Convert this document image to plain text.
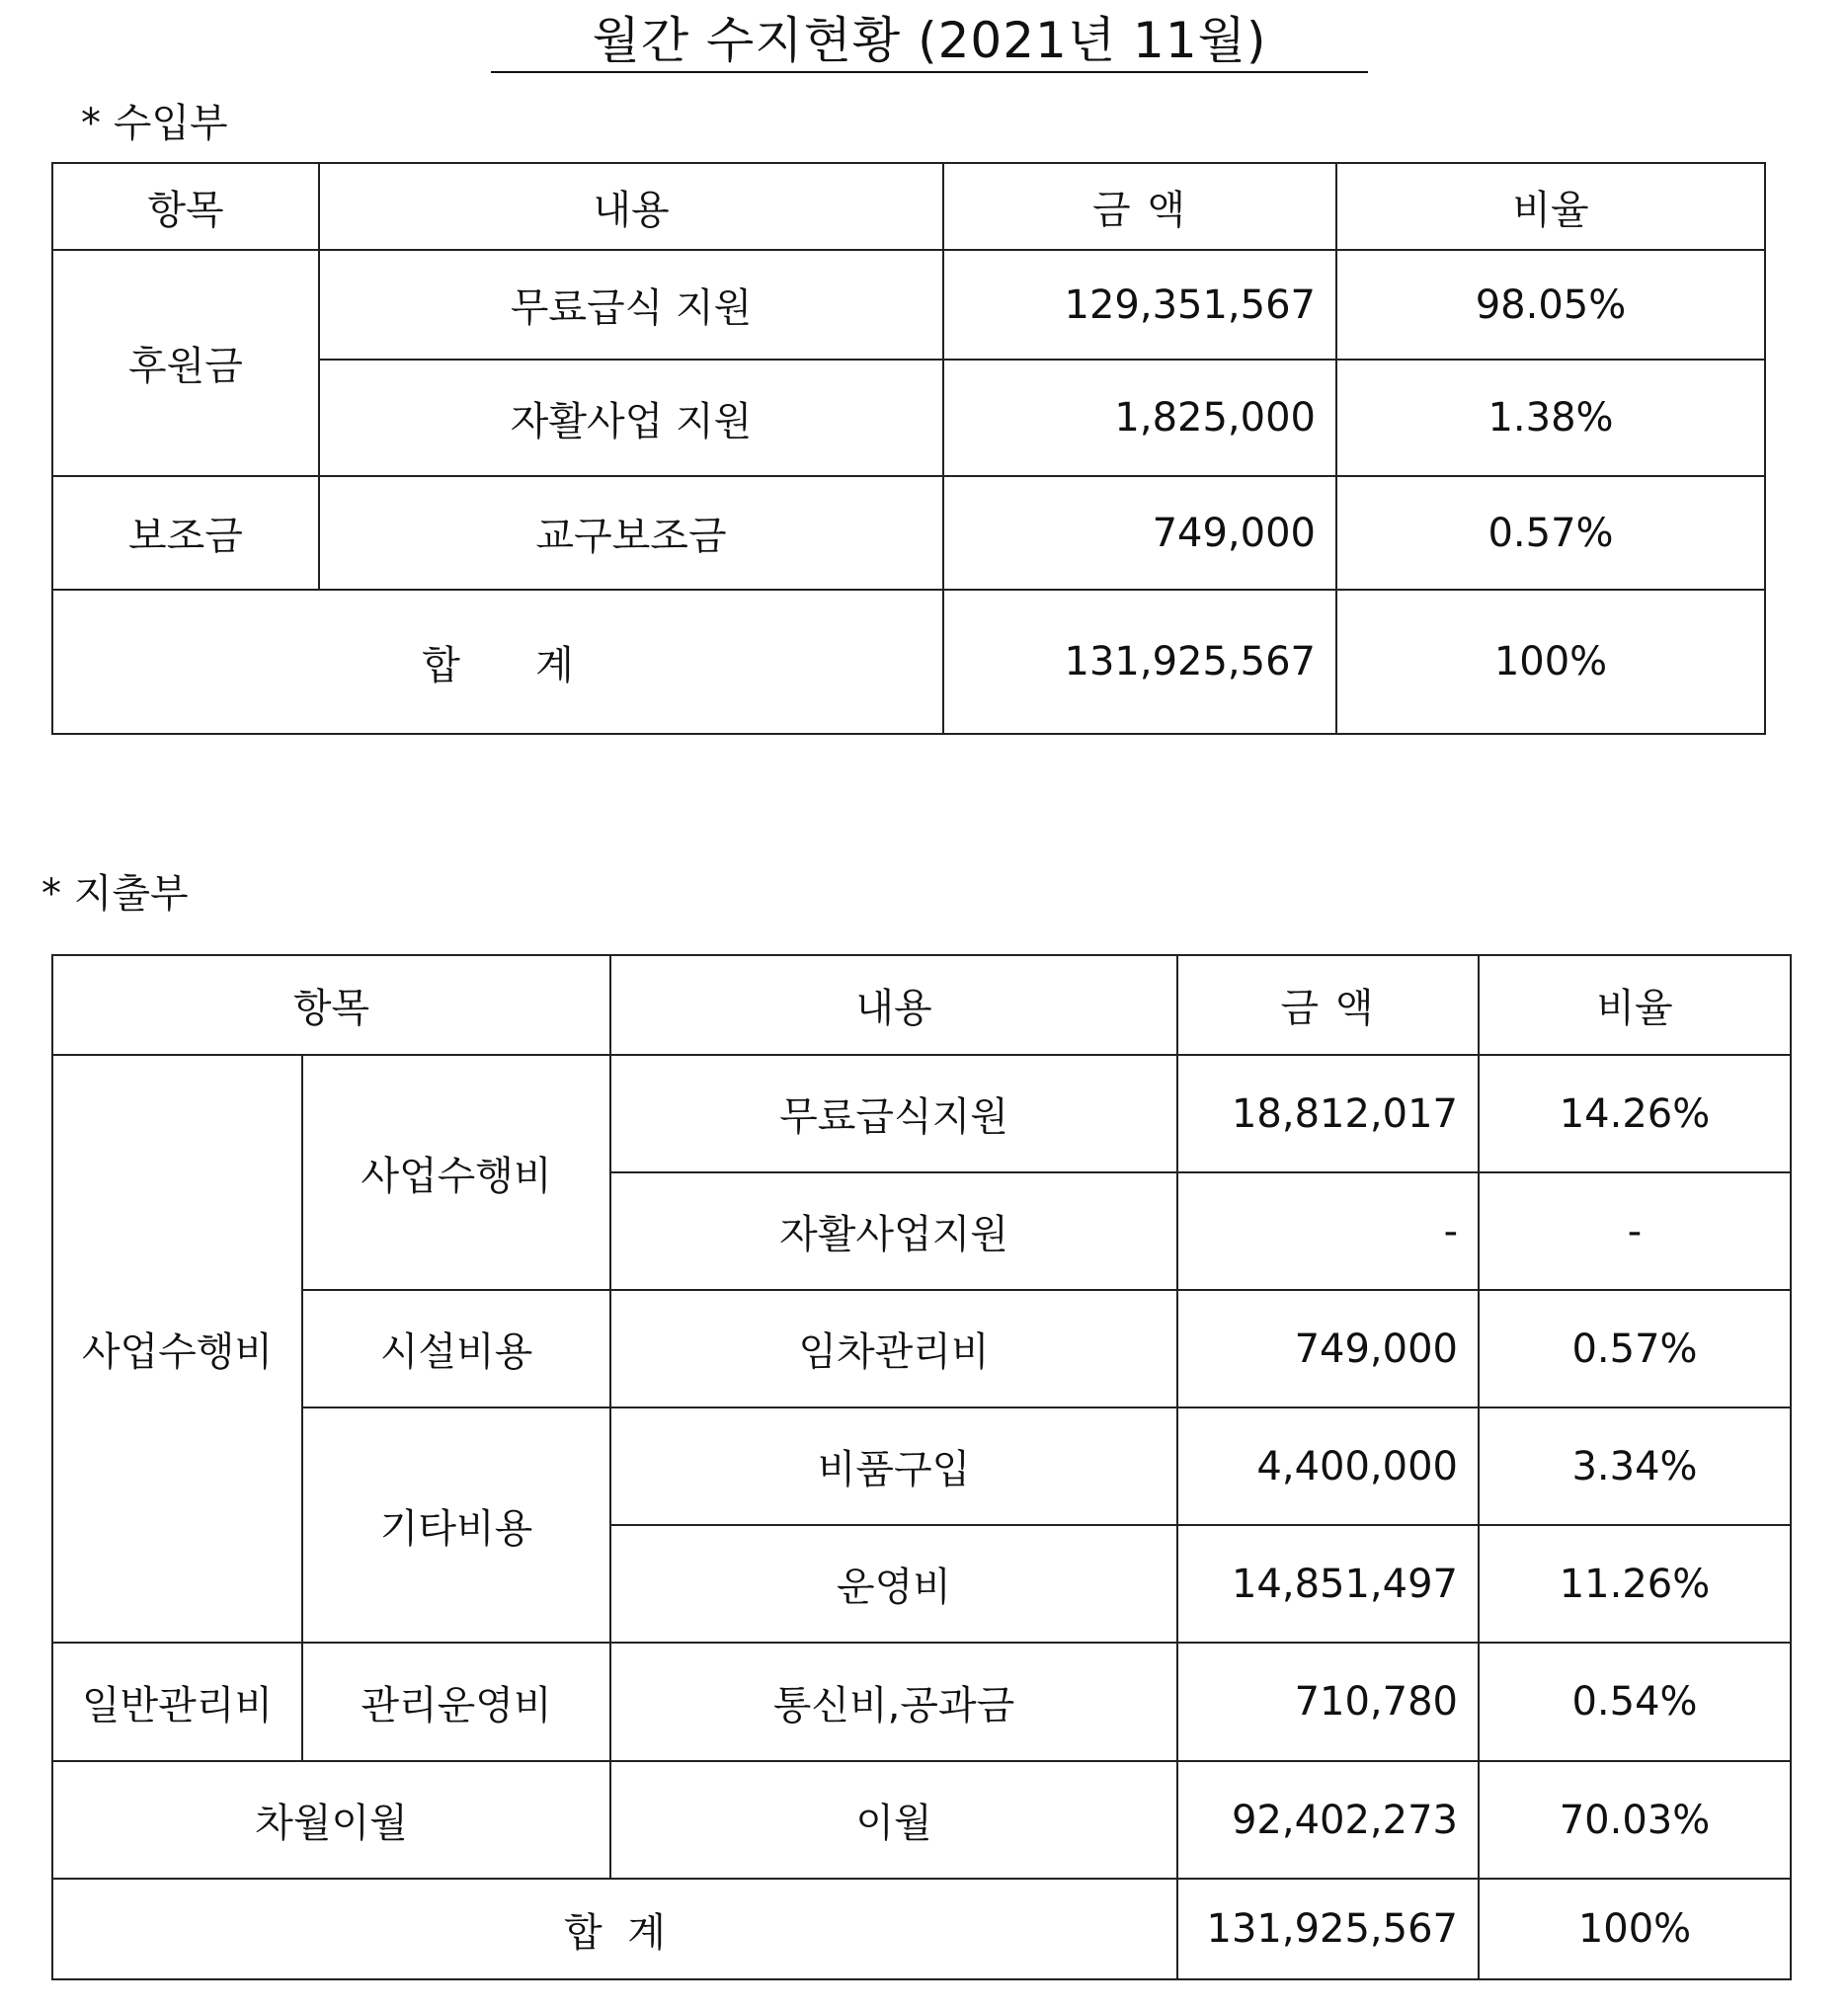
월간 수지현황 (2021년 11월)
* 수입부
항목	내용	금 액	비율
후원금	무료급식 지원	129,351,567	98.05%
	자활사업 지원	1,825,000	1.38%
보조금	교구보조금	749,000	0.57%
합      계		131,925,567	100%
* 지출부
항목		내용	금 액	비율
사업수행비	사업수행비	무료급식지원	18,812,017	14.26%
		자활사업지원	-	-
	시설비용	임차관리비	749,000	0.57%
	기타비용	비품구입	4,400,000	3.34%
		운영비	14,851,497	11.26%
일반관리비	관리운영비	통신비,공과금	710,780	0.54%
차월이월		이월	92,402,273	70.03%
합  계			131,925,567	100%
